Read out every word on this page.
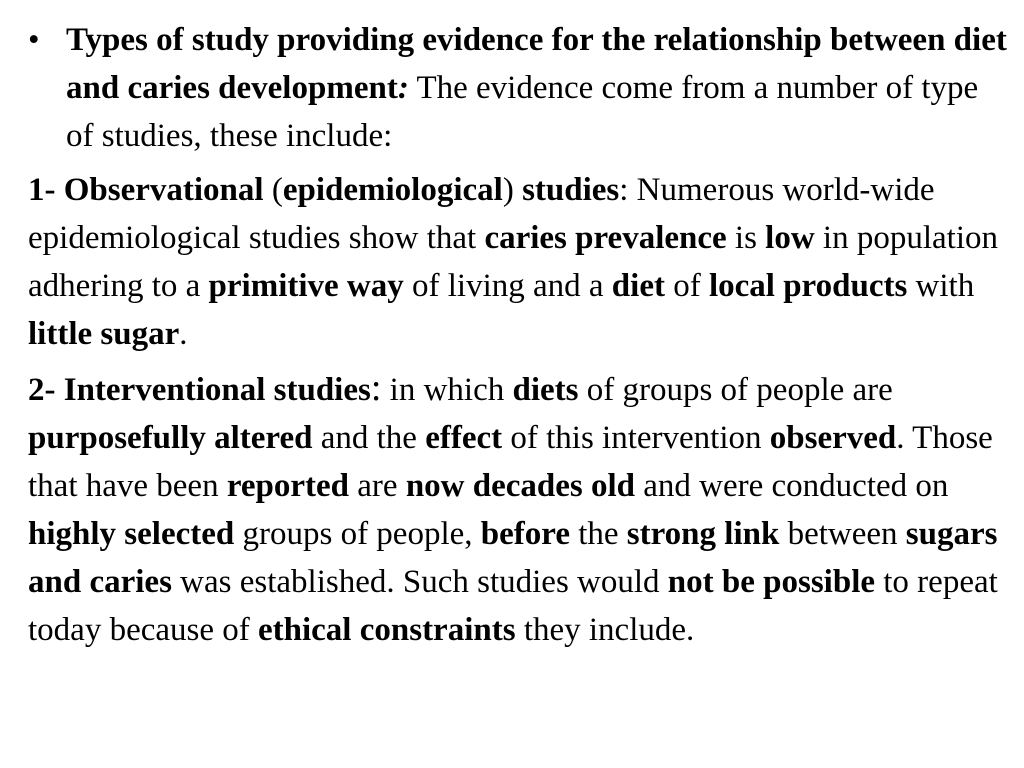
• Types of study providing evidence for the relationship between diet and caries development: The evidence come from a number of type of studies, these include:

1- Observational (epidemiological) studies: Numerous world-wide epidemiological studies show that caries prevalence is low in population adhering to a primitive way of living and a diet of local products with little sugar.

2- Interventional studies: in which diets of groups of people are purposefully altered and the effect of this intervention observed. Those that have been reported are now decades old and were conducted on highly selected groups of people, before the strong link between sugars and caries was established. Such studies would not be possible to repeat today because of ethical constraints they include.
